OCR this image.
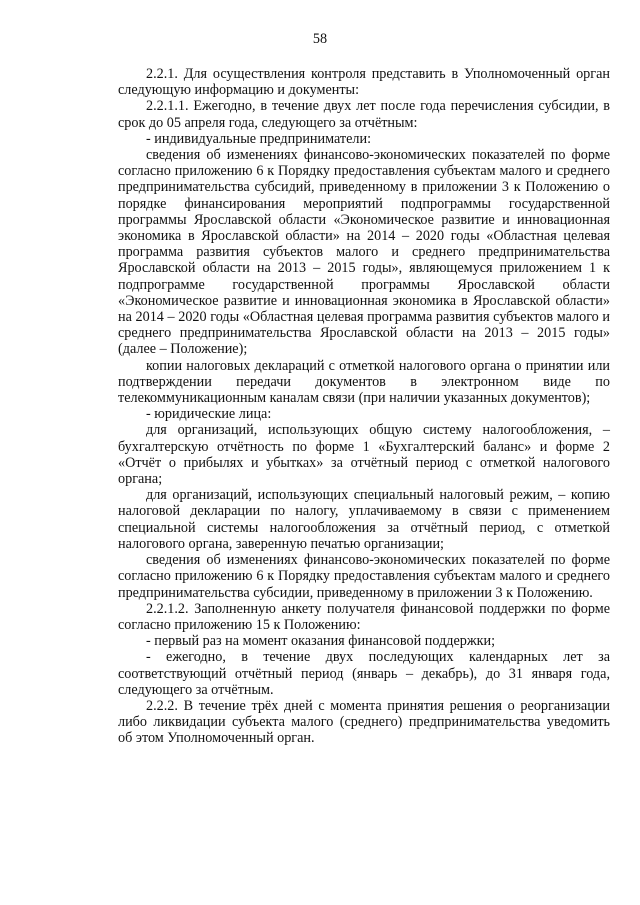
58

2.2.1. Для осуществления контроля представить в Уполномоченный орган следующую информацию и документы:

2.2.1.1. Ежегодно, в течение двух лет после года перечисления субсидии, в срок до 05 апреля года, следующего за отчётным:

- индивидуальные предприниматели:

сведения об изменениях финансово-экономических показателей по форме согласно приложению 6 к Порядку предоставления субъектам малого и среднего предпринимательства субсидий, приведенному в приложении 3 к Положению о порядке финансирования мероприятий подпрограммы государственной программы Ярославской области «Экономическое развитие и инновационная экономика в Ярославской области» на 2014 – 2020 годы «Областная целевая программа развития субъектов малого и среднего предпринимательства Ярославской области на 2013 – 2015 годы», являющемуся приложением 1 к подпрограмме государственной программы Ярославской области «Экономическое развитие и инновационная экономика в Ярославской области» на 2014 – 2020 годы «Областная целевая программа развития субъектов малого и среднего предпринимательства Ярославской области на 2013 – 2015 годы» (далее – Положение);

копии налоговых деклараций с отметкой налогового органа о принятии или подтверждении передачи документов в электронном виде по телекоммуникационным каналам связи (при наличии указанных документов);

- юридические лица:

для организаций, использующих общую систему налогообложения, – бухгалтерскую отчётность по форме 1 «Бухгалтерский баланс» и форме 2 «Отчёт о прибылях и убытках» за отчётный период с отметкой налогового органа;

для организаций, использующих специальный налоговый режим, – копию налоговой декларации по налогу, уплачиваемому в связи с применением специальной системы налогообложения за отчётный период, с отметкой налогового органа, заверенную печатью организации;

сведения об изменениях финансово-экономических показателей по форме согласно приложению 6 к Порядку предоставления субъектам малого и среднего предпринимательства субсидии, приведенному в приложении 3 к Положению.

2.2.1.2. Заполненную анкету получателя финансовой поддержки по форме согласно приложению 15 к Положению:

- первый раз на момент оказания финансовой поддержки;

- ежегодно, в течение двух последующих календарных лет за соответствующий отчётный период (январь – декабрь), до 31 января года, следующего за отчётным.

2.2.2. В течение трёх дней с момента принятия решения о реорганизации либо ликвидации субъекта малого (среднего) предпринимательства уведомить об этом Уполномоченный орган.
